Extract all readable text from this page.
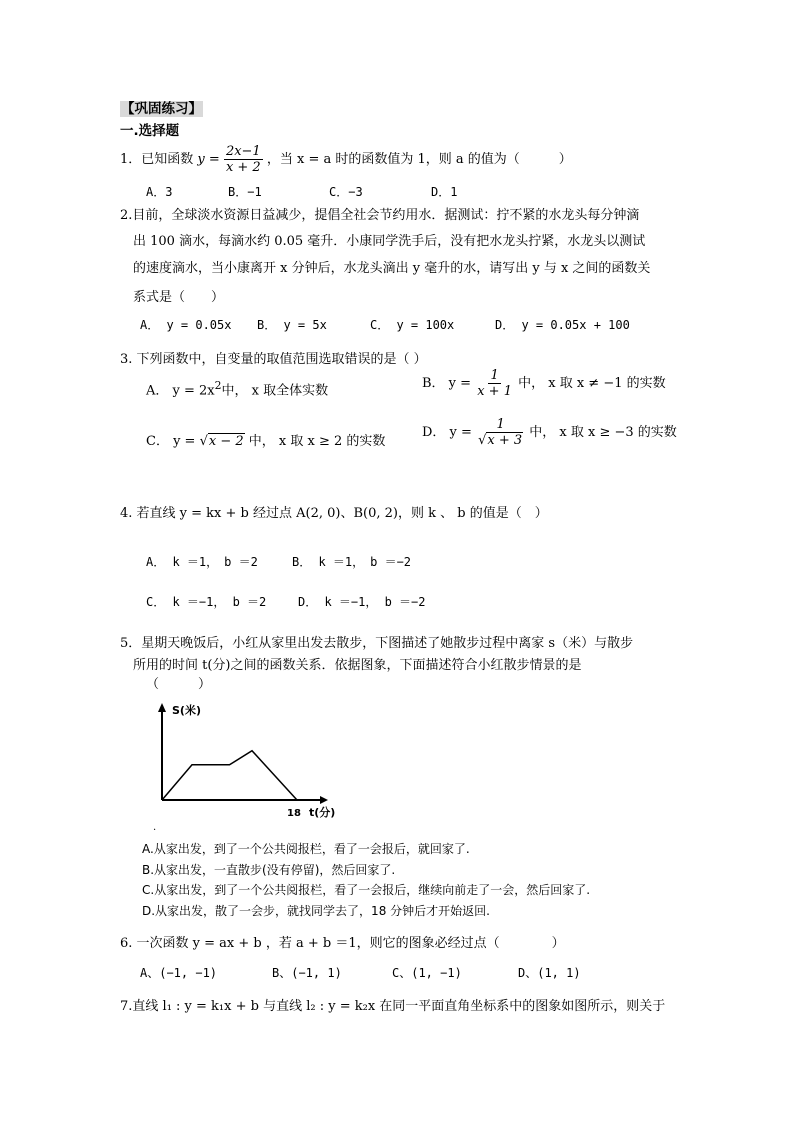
【巩固练习】
一.选择题
1．已知函数 $y = \frac{2x-1}{x + 2}$ ，当 x = a 时的函数值为 1，则 a 的值为（　　　）
A．3	B．−1	C．−3	D．1
2.目前，全球淡水资源日益减少，提倡全社会节约用水．据测试：拧不紧的水龙头每分钟滴
出 100 滴水，每滴水约 0.05 毫升．小康同学洗手后，没有把水龙头拧紧，水龙头以测试
的速度滴水，当小康离开 x 分钟后，水龙头滴出 y 毫升的水，请写出 y 与 x 之间的函数关
系式是（　　）
A． y = 0.05x B． y = 5x	C． y = 100x	D． y = 0.05x + 100
3. 下列函数中，自变量的取值范围选取错误的是（ ）
A． $y = 2x^2$中， x 取全体实数	B． $y = \frac{1}{x + 1}$ 中， x 取 x ≠ −1 的实数
C． y = √x − 2 中， x 取 x ≥ 2 的实数
D． $y = \frac{1}{√x + 3}$ 中， x 取 x ≥ −3 的实数
4. 若直线 y = kx + b 经过点 A(2, 0)、B(0, 2)，则 k 、 b 的值是（　）
A． k ＝1，　b ＝2	B． k ＝1，　b ＝−2
C． k ＝−1， b ＝2	D． k ＝−1， b ＝−2
5．星期天晚饭后，小红从家里出发去散步，下图描述了她散步过程中离家 s（米）与散步
所用的时间 t(分)之间的函数关系．依据图象，下面描述符合小红散步情景的是
（　　　）
S(米)
18 t(分)
.
A.从家出发，到了一个公共阅报栏，看了一会报后，就回家了.
B.从家出发，一直散步(没有停留)，然后回家了.
C.从家出发，到了一个公共阅报栏，看了一会报后，继续向前走了一会，然后回家了.
D.从家出发，散了一会步，就找同学去了，18 分钟后才开始返回.
6. 一次函数 y = ax + b ，若 a + b ＝1，则它的图象必经过点（　　　　）
A、(−1, −1)	B、(−1, 1)	C、(1, −1)	D、(1, 1)
7.直线 l₁ : y = k₁x + b 与直线 l₂ : y = k₂x 在同一平面直角坐标系中的图象如图所示，则关于
